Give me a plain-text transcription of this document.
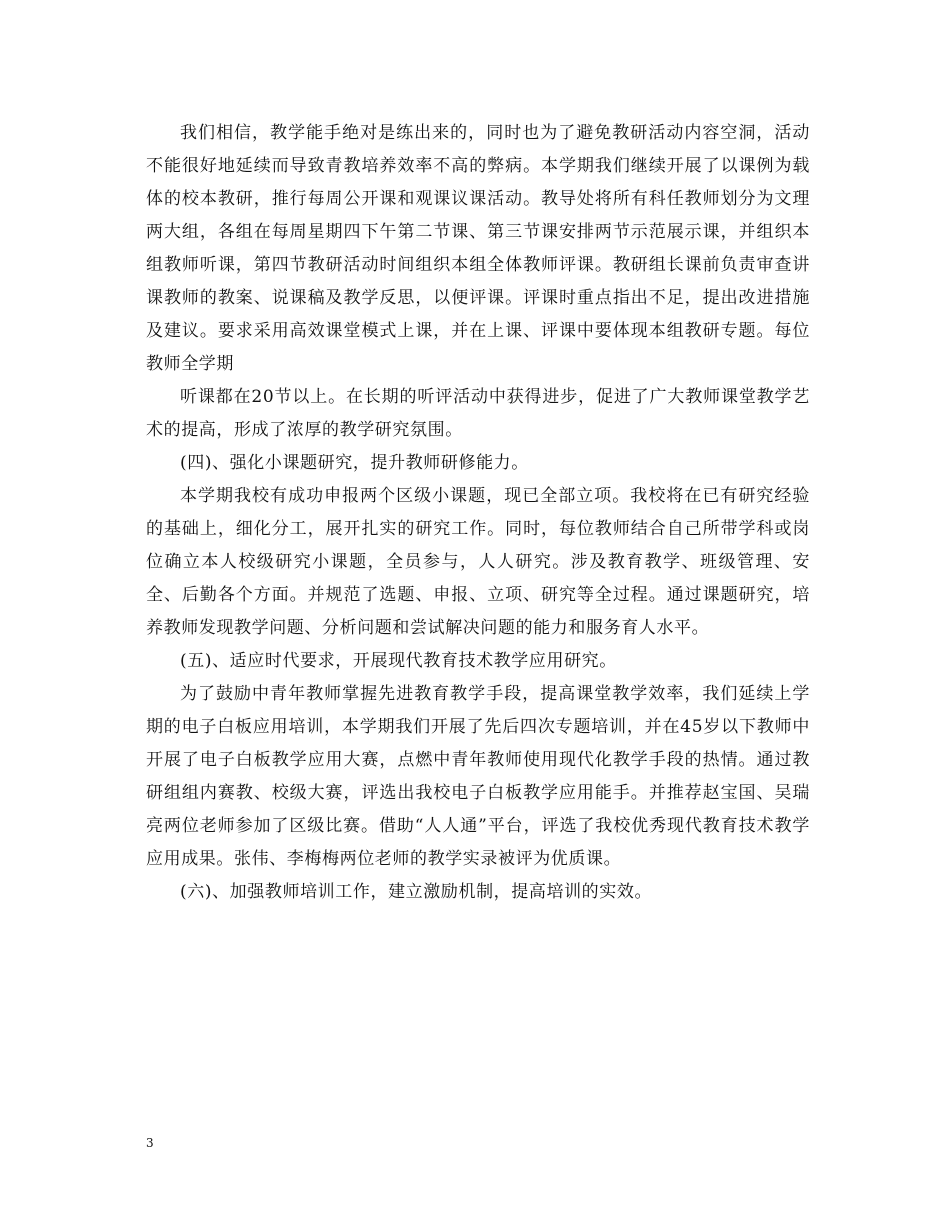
我们相信，教学能手绝对是练出来的，同时也为了避免教研活动内容空洞，活动不能很好地延续而导致青教培养效率不高的弊病。本学期我们继续开展了以课例为载体的校本教研，推行每周公开课和观课议课活动。教导处将所有科任教师划分为文理两大组，各组在每周星期四下午第二节课、第三节课安排两节示范展示课，并组织本组教师听课，第四节教研活动时间组织本组全体教师评课。教研组长课前负责审查讲课教师的教案、说课稿及教学反思，以便评课。评课时重点指出不足，提出改进措施及建议。要求采用高效课堂模式上课，并在上课、评课中要体现本组教研专题。每位教师全学期

听课都在20节以上。在长期的听评活动中获得进步，促进了广大教师课堂教学艺术的提高，形成了浓厚的教学研究氛围。

(四)、强化小课题研究，提升教师研修能力。

本学期我校有成功申报两个区级小课题，现已全部立项。我校将在已有研究经验的基础上，细化分工，展开扎实的研究工作。同时，每位教师结合自己所带学科或岗位确立本人校级研究小课题，全员参与，人人研究。涉及教育教学、班级管理、安全、后勤各个方面。并规范了选题、申报、立项、研究等全过程。通过课题研究，培养教师发现教学问题、分析问题和尝试解决问题的能力和服务育人水平。

(五)、适应时代要求，开展现代教育技术教学应用研究。

为了鼓励中青年教师掌握先进教育教学手段，提高课堂教学效率，我们延续上学期的电子白板应用培训，本学期我们开展了先后四次专题培训，并在45岁以下教师中开展了电子白板教学应用大赛，点燃中青年教师使用现代化教学手段的热情。通过教研组组内赛教、校级大赛，评选出我校电子白板教学应用能手。并推荐赵宝国、吴瑞亮两位老师参加了区级比赛。借助“人人通”平台，评选了我校优秀现代教育技术教学应用成果。张伟、李梅梅两位老师的教学实录被评为优质课。

(六)、加强教师培训工作，建立激励机制，提高培训的实效。

3
